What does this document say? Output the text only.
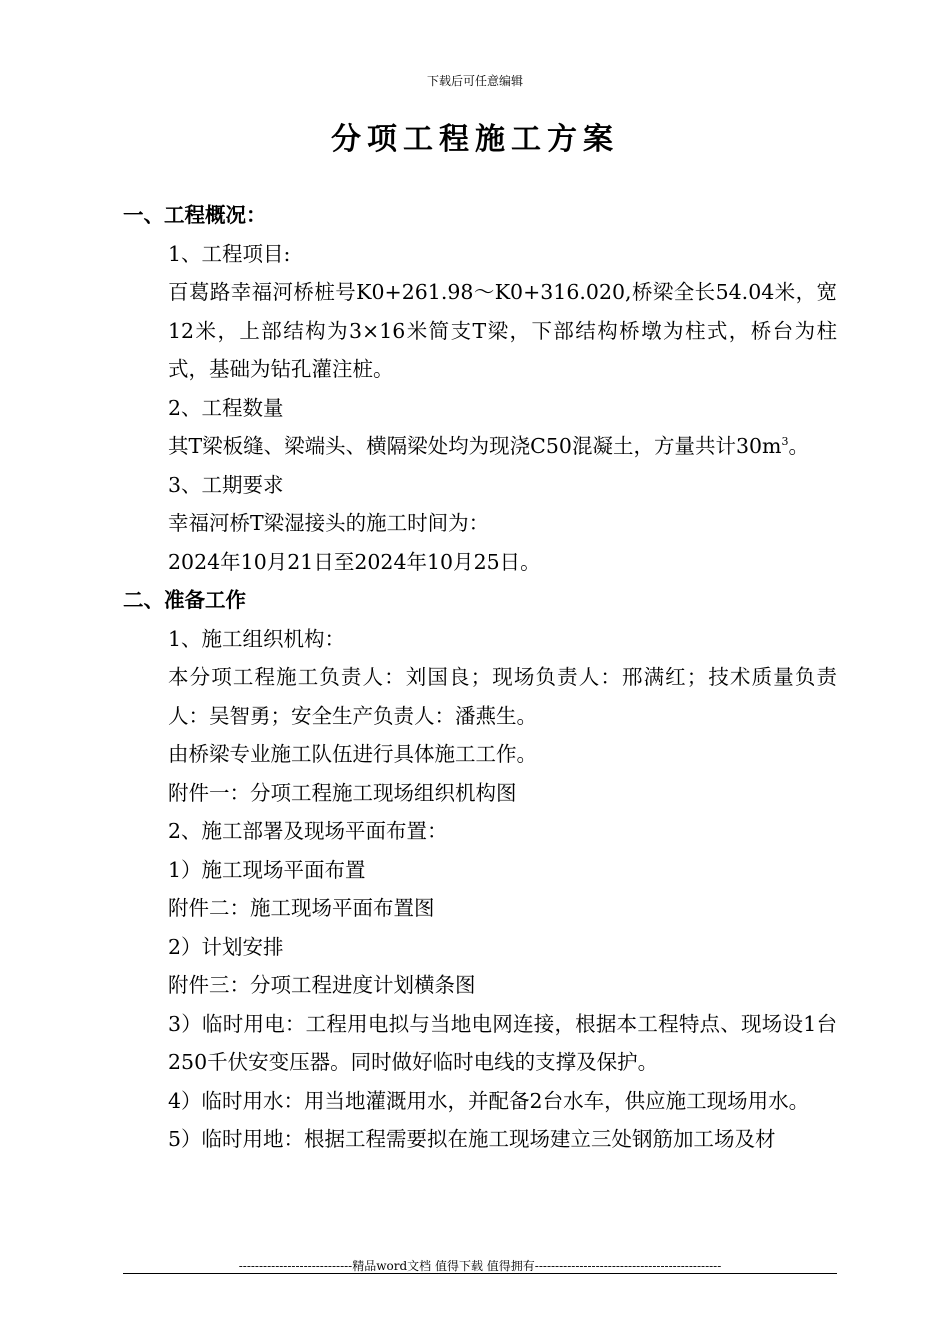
下载后可任意编辑
分项工程施工方案

一、工程概况：

1、工程项目:

百葛路幸福河桥桩号K0+261.98～K0+316.020,桥梁全长54.04米，宽12米，上部结构为3×16米简支T梁，下部结构桥墩为柱式，桥台为柱式，基础为钻孔灌注桩。

2、工程数量

其T梁板缝、梁端头、横隔梁处均为现浇C50混凝土，方量共计$30m^3$。

3、工期要求

幸福河桥T梁湿接头的施工时间为：

2024年10月21日至2024年10月25日。

二、准备工作

1、施工组织机构：

本分项工程施工负责人：刘国良；现场负责人：邢满红；技术质量负责人：吴智勇；安全生产负责人：潘燕生。

由桥梁专业施工队伍进行具体施工工作。

附件一：分项工程施工现场组织机构图

2、施工部署及现场平面布置：

1）施工现场平面布置

附件二：施工现场平面布置图

2）计划安排

附件三：分项工程进度计划横条图

3）临时用电：工程用电拟与当地电网连接，根据本工程特点、现场设1台250千伏安变压器。同时做好临时电线的支撑及保护。

4）临时用水：用当地灌溉用水，并配备2台水车，供应施工现场用水。

5）临时用地：根据工程需要拟在施工现场建立三处钢筋加工场及材

----------------------------精品word文档 值得下载 值得拥有----------------------------------------------
